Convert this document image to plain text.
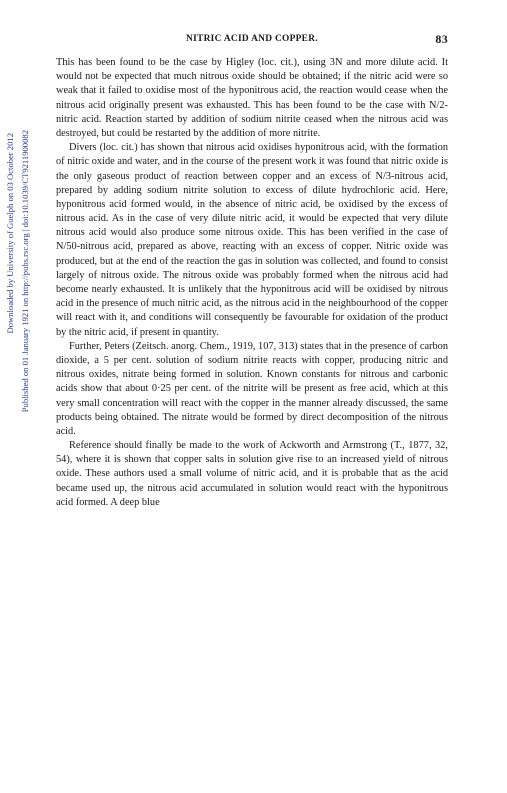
NITRIC ACID AND COPPER.	83
Downloaded by University of Guelph on 03 October 2012 Published on 01 January 1921 on http://pubs.rsc.org | doi:10.1039/CT9211900082

This has been found to be the case by Higley (loc. cit.), using 3N and more dilute acid. It would not be expected that much nitrous oxide should be obtained; if the nitric acid were so weak that it failed to oxidise most of the hyponitrous acid, the reaction would cease when the nitrous acid originally present was exhausted. This has been found to be the case with N/2-nitric acid. Reaction started by addition of sodium nitrite ceased when the nitrous acid was destroyed, but could be restarted by the addition of more nitrite.

Divers (loc. cit.) has shown that nitrous acid oxidises hyponitrous acid, with the formation of nitric oxide and water, and in the course of the present work it was found that nitric oxide is the only gaseous product of reaction between copper and an excess of N/3-nitrous acid, prepared by adding sodium nitrite solution to excess of dilute hydrochloric acid. Here, hyponitrous acid formed would, in the absence of nitric acid, be oxidised by the excess of nitrous acid. As in the case of very dilute nitric acid, it would be expected that very dilute nitrous acid would also produce some nitrous oxide. This has been verified in the case of N/50-nitrous acid, prepared as above, reacting with an excess of copper. Nitric oxide was produced, but at the end of the reaction the gas in solution was collected, and found to consist largely of nitrous oxide. The nitrous oxide was probably formed when the nitrous acid had become nearly exhausted. It is unlikely that the hyponitrous acid will be oxidised by nitrous acid in the presence of much nitric acid, as the nitrous acid in the neighbourhood of the copper will react with it, and conditions will consequently be favourable for oxidation of the product by the nitric acid, if present in quantity.

Further, Peters (Zeitsch. anorg. Chem., 1919, 107, 313) states that in the presence of carbon dioxide, a 5 per cent. solution of sodium nitrite reacts with copper, producing nitric and nitrous oxides, nitrate being formed in solution. Known constants for nitrous and carbonic acids show that about 0·25 per cent. of the nitrite will be present as free acid, which at this very small concentration will react with the copper in the manner already discussed, the same products being obtained. The nitrate would be formed by direct decomposition of the nitrous acid.

Reference should finally be made to the work of Ackworth and Armstrong (T., 1877, 32, 54), where it is shown that copper salts in solution give rise to an increased yield of nitrous oxide. These authors used a small volume of nitric acid, and it is probable that as the acid became used up, the nitrous acid accumulated in solution would react with the hyponitrous acid formed. A deep blue
